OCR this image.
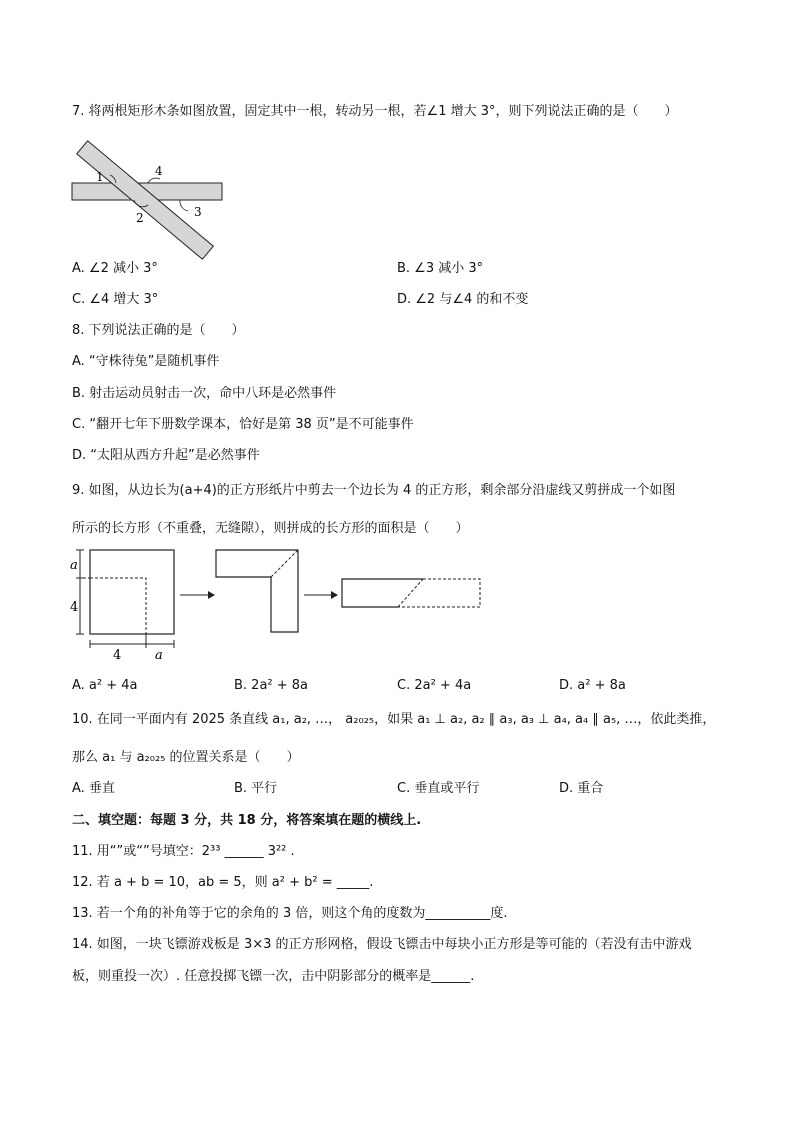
7. 将两根矩形木条如图放置，固定其中一根，转动另一根，若∠1 增大 3°，则下列说法正确的是（　　）
1	4
2	3
A. ∠2 减小 3°	B. ∠3 减小 3°
C. ∠4 增大 3°	D. ∠2 与∠4 的和不变
8. 下列说法正确的是（　　）
A. “守株待兔”是随机事件
B. 射击运动员射击一次，命中八环是必然事件
C. “翻开七年下册数学课本，恰好是第 38 页”是不可能事件
D. “太阳从西方升起”是必然事件
9. 如图，从边长为(a+4)的正方形纸片中剪去一个边长为 4 的正方形，剩余部分沿虚线又剪拼成一个如图
所示的长方形（不重叠，无缝隙），则拼成的长方形的面积是（　　）
a
4
4	a
A. a² + 4a	B. 2a² + 8a	C. 2a² + 4a	D. a² + 8a
10. 在同一平面内有 2025 条直线 a₁, a₂, …， a₂₀₂₅，如果 a₁ ⊥ a₂, a₂ ∥ a₃, a₃ ⊥ a₄, a₄ ∥ a₅, …，依此类推，
那么 a₁ 与 a₂₀₂₅ 的位置关系是（　　）
A. 垂直	B. 平行	C. 垂直或平行	D. 重合
二、填空题：每题 3 分，共 18 分，将答案填在题的横线上.
11. 用“”或“”号填空：2³³ ______ 3²² .
12. 若 a + b = 10，ab = 5，则 a² + b² = _____.
13. 若一个角的补角等于它的余角的 3 倍，则这个角的度数为__________度.
14. 如图，一块飞镖游戏板是 3×3 的正方形网格，假设飞镖击中每块小正方形是等可能的（若没有击中游戏
板，则重投一次）. 任意投掷飞镖一次，击中阴影部分的概率是______.
